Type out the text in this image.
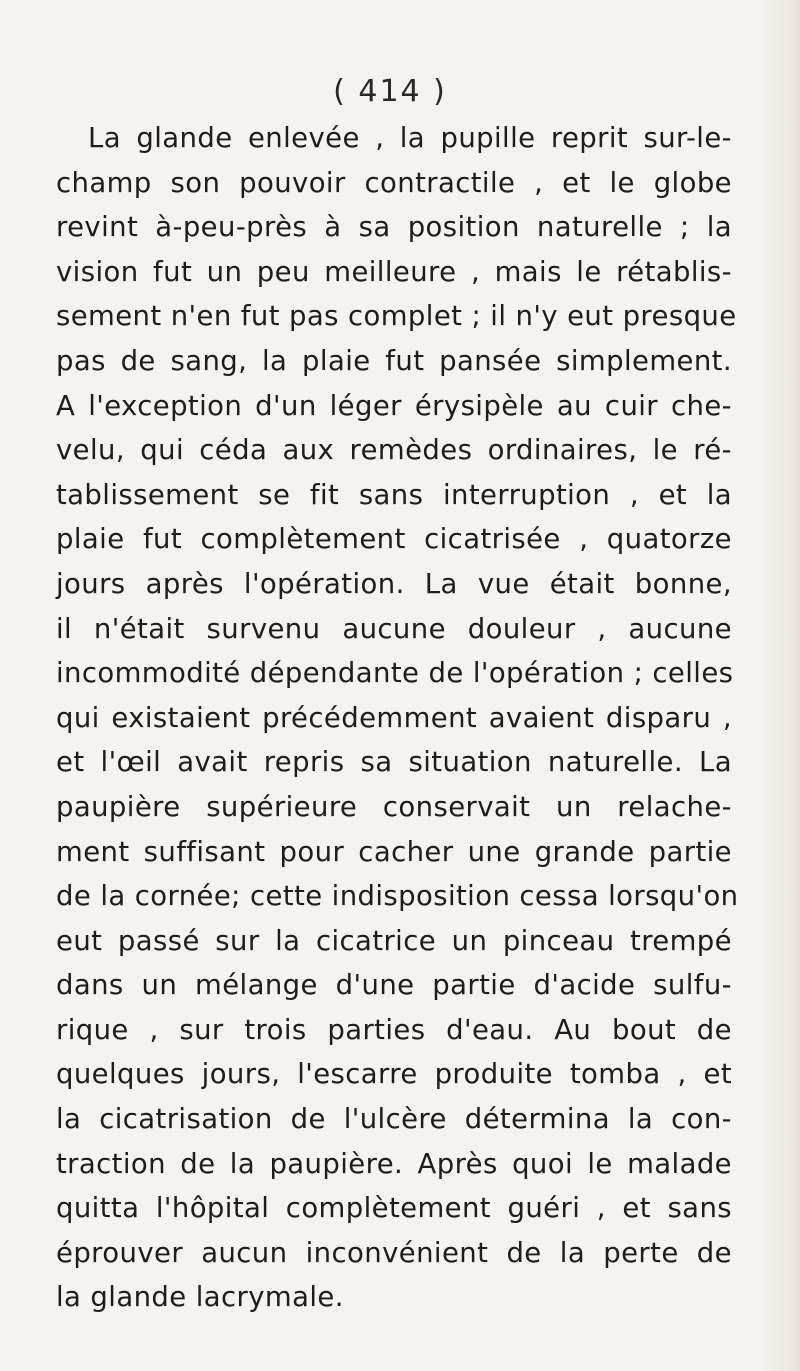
( 414 )
La glande enlevée , la pupille reprit sur-le-
champ son pouvoir contractile , et le globe
revint à-peu-près à sa position naturelle ; la
vision fut un peu meilleure , mais le rétablis-
sement n'en fut pas complet ; il n'y eut presque
pas de sang, la plaie fut pansée simplement.
A l'exception d'un léger érysipèle au cuir che-
velu, qui céda aux remèdes ordinaires, le ré-
tablissement se fit sans interruption , et la
plaie fut complètement cicatrisée , quatorze
jours après l'opération. La vue était bonne,
il n'était survenu aucune douleur , aucune
incommodité dépendante de l'opération ; celles
qui existaient précédemment avaient disparu ,
et l'œil avait repris sa situation naturelle. La
paupière supérieure conservait un relache-
ment suffisant pour cacher une grande partie
de la cornée; cette indisposition cessa lorsqu'on
eut passé sur la cicatrice un pinceau trempé
dans un mélange d'une partie d'acide sulfu-
rique , sur trois parties d'eau. Au bout de
quelques jours, l'escarre produite tomba , et
la cicatrisation de l'ulcère détermina la con-
traction de la paupière. Après quoi le malade
quitta l'hôpital complètement guéri , et sans
éprouver aucun inconvénient de la perte de
la glande lacrymale.
